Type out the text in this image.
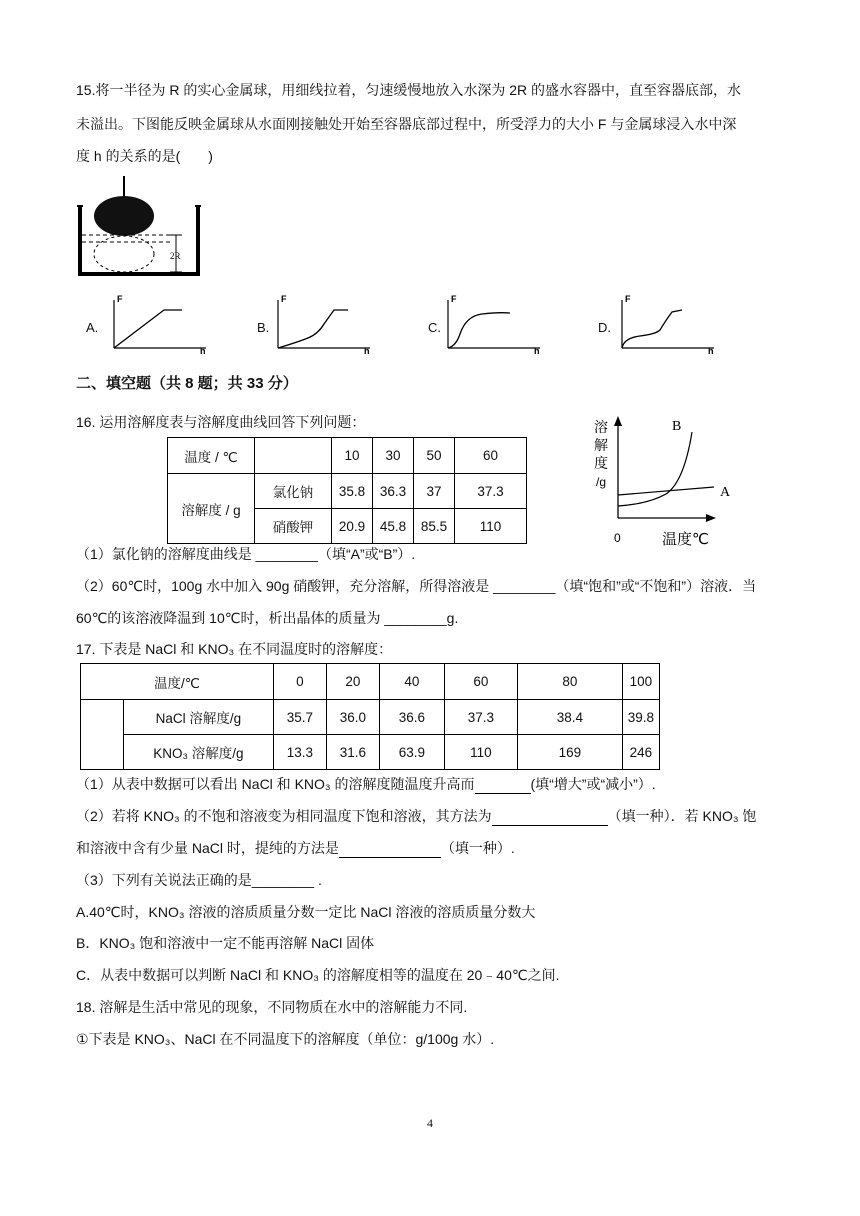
15.将一半径为 R 的实心金属球，用细线拉着，匀速缓慢地放入水深为 2R 的盛水容器中，直至容器底部，水
未溢出。下图能反映金属球从水面刚接触处开始至容器底部过程中，所受浮力的大小 F 与金属球浸入水中深
度 h 的关系的是(　　)
2R
A.
F
h
B.
F
h
C.
F
h
D.
F
h
二、填空题（共 8 题；共 33 分）
16. 运用溶解度表与溶解度曲线回答下列问题：
温度 / ℃		10	30	50	60
溶解度 / g	氯化钠	35.8	36.3	37	37.3
	硝酸钾	20.9	45.8	85.5	110
溶
解
度
/g
0	温度℃
B
A
（1）氯化钠的溶解度曲线是 ________（填“A”或“B”）.
（2）60℃时，100g 水中加入 90g 硝酸钾，充分溶解，所得溶液是 ________（填“饱和”或“不饱和”）溶液．当
60℃的该溶液降温到 10℃时，析出晶体的质量为 ________g.
17. 下表是 NaCl 和 KNO₃ 在不同温度时的溶解度：
温度/℃		0	20	40	60	80	100
	NaCl 溶解度/g	35.7	36.0	36.6	37.3	38.4	39.8
	KNO₃ 溶解度/g	13.3	31.6	63.9	110	169	246
（1）从表中数据可以看出 NaCl 和 KNO₃ 的溶解度随温度升高而	(填“增大”或“减小”）.
（2）若将 KNO₃ 的不饱和溶液变为相同温度下饱和溶液，其方法为	（填一种）．若 KNO₃ 饱
和溶液中含有少量 NaCl 时，提纯的方法是	（填一种）.
（3）下列有关说法正确的是________ .
A.40℃时，KNO₃ 溶液的溶质质量分数一定比 NaCl 溶液的溶质质量分数大
B．KNO₃ 饱和溶液中一定不能再溶解 NaCl 固体
C．从表中数据可以判断 NaCl 和 KNO₃ 的溶解度相等的温度在 20﹣40℃之间.
18. 溶解是生活中常见的现象，不同物质在水中的溶解能力不同.
①下表是 KNO₃、NaCl 在不同温度下的溶解度（单位：g/100g 水）.
4
